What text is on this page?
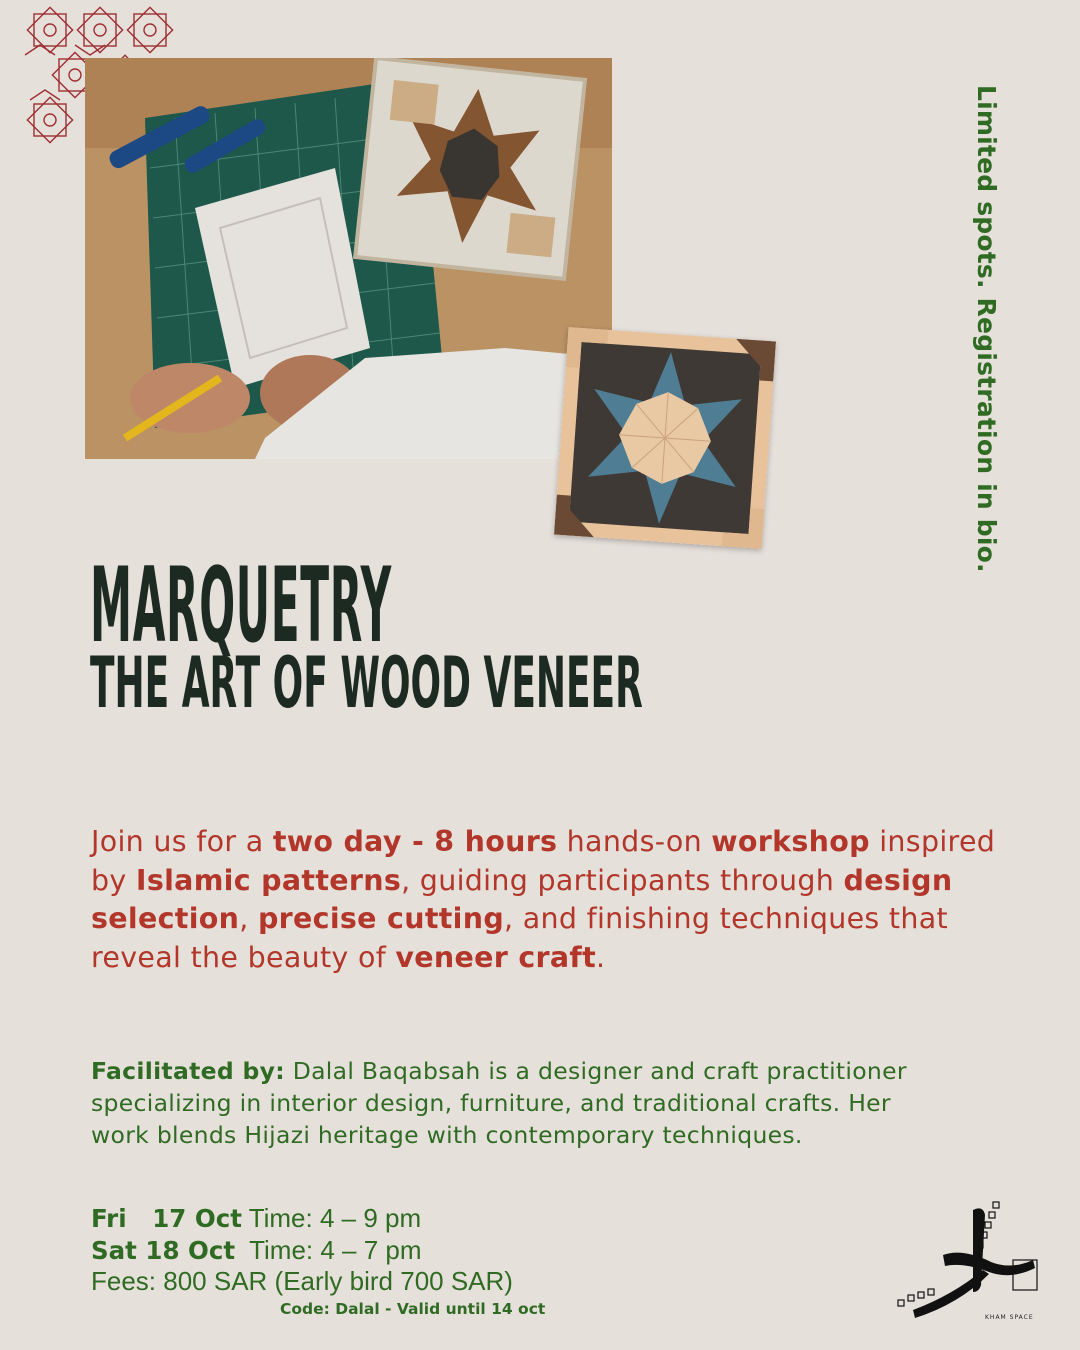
Limited spots. Registration in bio.
MARQUETRY
THE ART OF WOOD VENEER
Join us for a two day - 8 hours hands-on workshop inspired by Islamic patterns, guiding participants through design selection, precise cutting, and finishing techniques that reveal the beauty of veneer craft.
Facilitated by: Dalal Baqabsah is a designer and craft practitioner specializing in interior design, furniture, and traditional crafts. Her work blends Hijazi heritage with contemporary techniques.
Fri   17 Oct Time: 4 – 9 pm
Sat 18 Oct  Time: 4 – 7 pm
Fees: 800 SAR (Early bird 700 SAR)
Code: Dalal - Valid until 14 oct	KHAM SPACE
